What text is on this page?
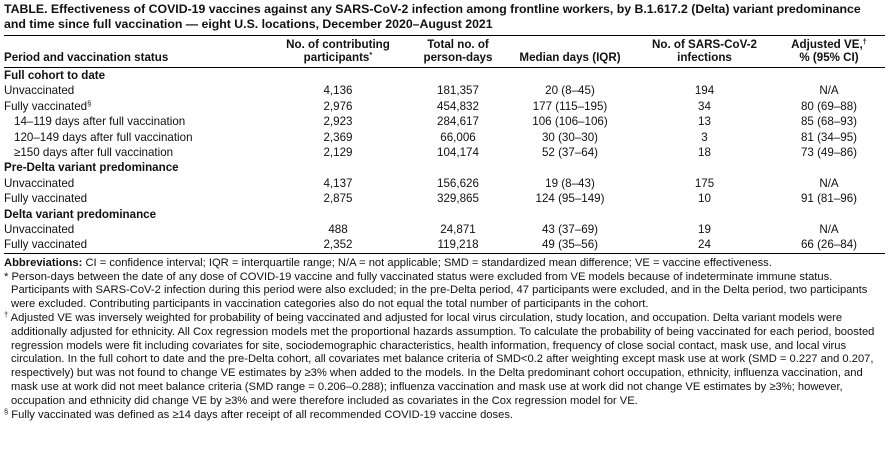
TABLE. Effectiveness of COVID-19 vaccines against any SARS-CoV-2 infection among frontline workers, by B.1.617.2 (Delta) variant predominance and time since full vaccination — eight U.S. locations, December 2020–August 2021
Period and vaccination status	No. of contributing participants*	Total no. of person-days	Median days (IQR)	No. of SARS-CoV-2 infections	Adjusted VE,†
% (95% CI)
Full cohort to date					
Unvaccinated	4,136	181,357	20 (8–45)	194	N/A
Fully vaccinated§	2,976	454,832	177 (115–195)	34	80 (69–88)
14–119 days after full vaccination	2,923	284,617	106 (106–106)	13	85 (68–93)
120–149 days after full vaccination	2,369	66,006	30 (30–30)	3	81 (34–95)
≥150 days after full vaccination	2,129	104,174	52 (37–64)	18	73 (49–86)
Pre-Delta variant predominance					
Unvaccinated	4,137	156,626	19 (8–43)	175	N/A
Fully vaccinated	2,875	329,865	124 (95–149)	10	91 (81–96)
Delta variant predominance					
Unvaccinated	488	24,871	43 (37–69)	19	N/A
Fully vaccinated	2,352	119,218	49 (35–56)	24	66 (26–84)

Abbreviations: CI = confidence interval; IQR = interquartile range; N/A = not applicable; SMD = standardized mean difference; VE = vaccine effectiveness.

* Person-days between the date of any dose of COVID-19 vaccine and fully vaccinated status were excluded from VE models because of indeterminate immune status. Participants with SARS-CoV-2 infection during this period were also excluded; in the pre-Delta period, 47 participants were excluded, and in the Delta period, two participants were excluded. Contributing participants in vaccination categories also do not equal the total number of participants in the cohort.

† Adjusted VE was inversely weighted for probability of being vaccinated and adjusted for local virus circulation, study location, and occupation. Delta variant models were additionally adjusted for ethnicity. All Cox regression models met the proportional hazards assumption. To calculate the probability of being vaccinated for each period, boosted regression models were fit including covariates for site, sociodemographic characteristics, health information, frequency of close social contact, mask use, and local virus circulation. In the full cohort to date and the pre-Delta cohort, all covariates met balance criteria of SMD<0.2 after weighting except mask use at work (SMD = 0.227 and 0.207, respectively) but was not found to change VE estimates by ≥3% when added to the models. In the Delta predominant cohort occupation, ethnicity, influenza vaccination, and mask use at work did not meet balance criteria (SMD range = 0.206–0.288); influenza vaccination and mask use at work did not change VE estimates by ≥3%; however, occupation and ethnicity did change VE by ≥3% and were therefore included as covariates in the Cox regression model for VE.

§ Fully vaccinated was defined as ≥14 days after receipt of all recommended COVID-19 vaccine doses.
